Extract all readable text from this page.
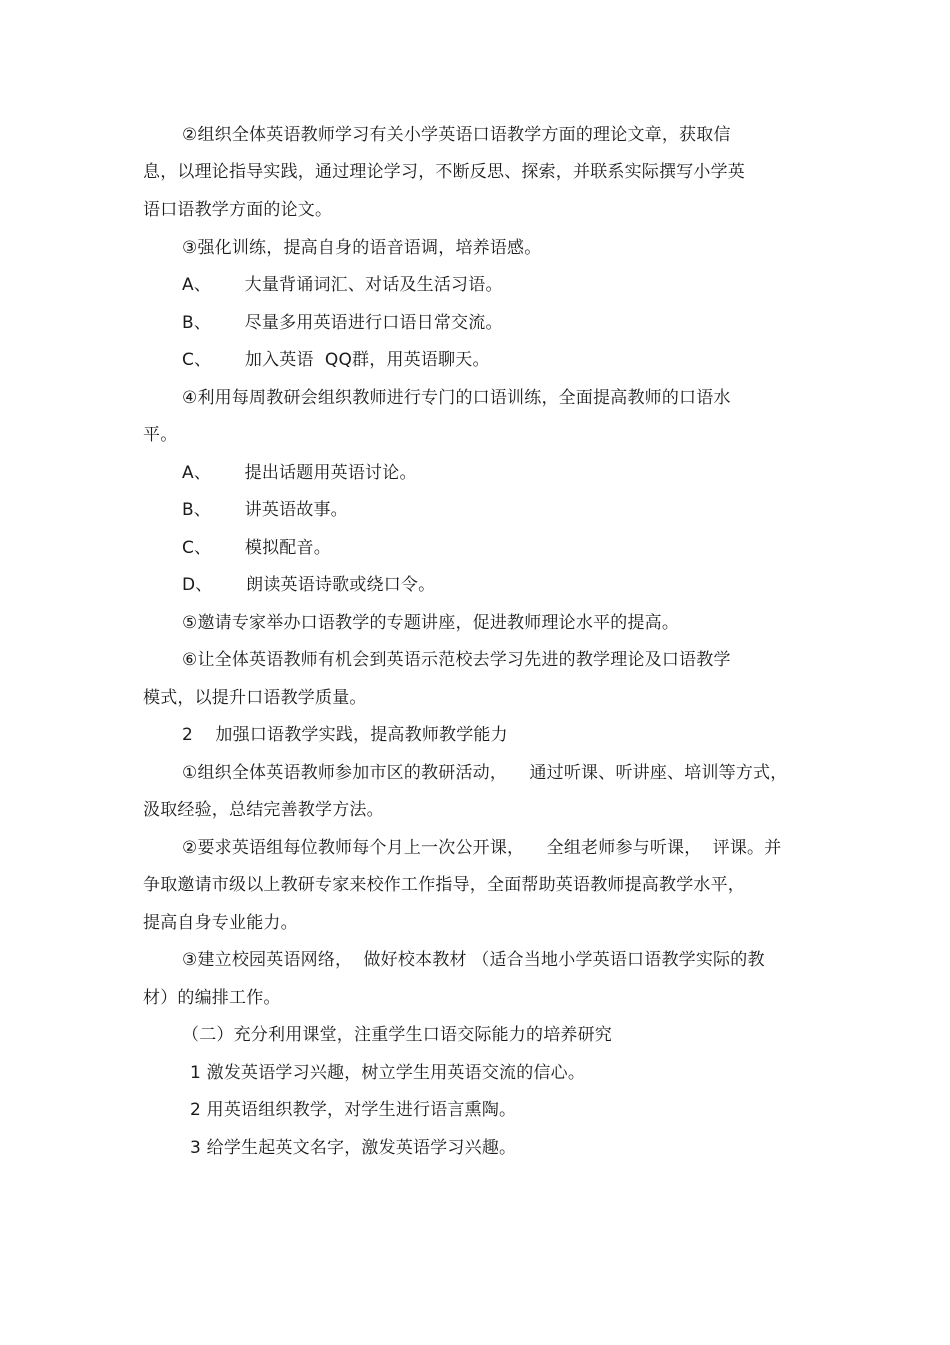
②组织全体英语教师学习有关小学英语口语教学方面的理论文章，获取信
息，以理论指导实践，通过理论学习，不断反思、探索，并联系实际撰写小学英
语口语教学方面的论文。
③强化训练，提高自身的语音语调，培养语感。
A、      大量背诵词汇、对话及生活习语。
B、      尽量多用英语进行口语日常交流。
C、      加入英语  QQ群，用英语聊天。
④利用每周教研会组织教师进行专门的口语训练，全面提高教师的口语水
平。
A、      提出话题用英语讨论。
B、      讲英语故事。
C、      模拟配音。
D、      朗读英语诗歌或绕口令。
⑤邀请专家举办口语教学的专题讲座，促进教师理论水平的提高。
⑥让全体英语教师有机会到英语示范校去学习先进的教学理论及口语教学
模式，以提升口语教学质量。
2    加强口语教学实践，提高教师教学能力
①组织全体英语教师参加市区的教研活动，    通过听课、听讲座、培训等方式，
汲取经验，总结完善教学方法。
②要求英语组每位教师每个月上一次公开课，    全组老师参与听课，  评课。并
争取邀请市级以上教研专家来校作工作指导，全面帮助英语教师提高教学水平，
提高自身专业能力。
③建立校园英语网络，  做好校本教材 （适合当地小学英语口语教学实际的教
材）的编排工作。
（二）充分利用课堂，注重学生口语交际能力的培养研究
1 激发英语学习兴趣，树立学生用英语交流的信心。
2 用英语组织教学，对学生进行语言熏陶。
3 给学生起英文名字，激发英语学习兴趣。
